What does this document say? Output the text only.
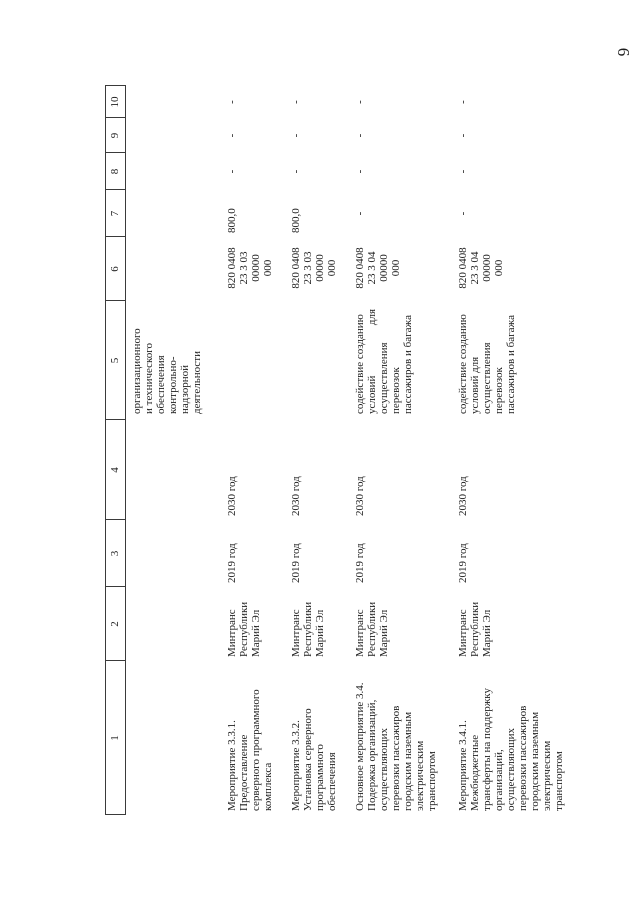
6
1
2
3
4
5
6
7
8
9
10
организационного
и технического
обеспечения
контрольно-
надзорной
деятельности
Мероприятие 3.3.1.
Предоставление
серверного программного
комплекса
Минтранс
Республики
Марий Эл
2019 год
2030 год
820 0408
23 3 03 00000
000
800,0
-
-
-
Мероприятие 3.3.2.
Установка серверного
программного
обеспечения
Минтранс
Республики
Марий Эл
2019 год
2030 год
820 0408
23 3 03 00000
000
800,0
-
-
-
Основное мероприятие 3.4.
Подержка организаций,
осуществляющих
перевозки пассажиров
городским наземным
электрическим
транспортом
Минтранс
Республики
Марий Эл
2019 год
2030 год
содействие созданию
условий для осуществления
перевозок
пассажиров и багажа
820 0408
23 3 04 00000
000
-
-
-
-
Мероприятие 3.4.1.
Межбюджетные
трансферты на поддержку
организаций,
осуществляющих
перевозки пассажиров
городским наземным
электрическим
транспортом
Минтранс
Республики
Марий Эл
2019 год
2030 год
содействие созданию
условий для
осуществления
перевозок
пассажиров и багажа
820 0408
23 3 04 00000
000
-
-
-
-
